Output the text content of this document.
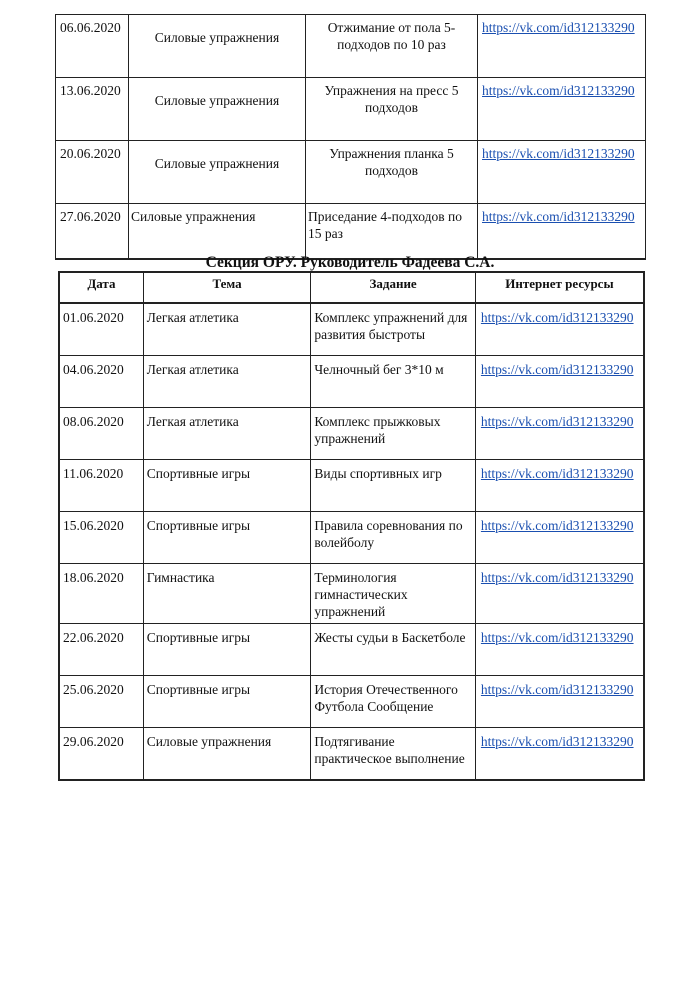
06.06.2020	Силовые упражнения	Отжимание от пола 5-подходов по 10 раз	https://vk.com/id312133290
13.06.2020	Силовые упражнения	Упражнения на пресс 5 подходов	https://vk.com/id312133290
20.06.2020	Силовые упражнения	Упражнения планка 5 подходов	https://vk.com/id312133290
27.06.2020	Силовые упражнения	Приседание 4-подходов по 15 раз	https://vk.com/id312133290
Секция ОРУ. Руководитель Фадеева С.А.
Дата	Тема	Задание	Интернет ресурсы
01.06.2020	Легкая атлетика	Комплекс упражнений для развития быстроты	https://vk.com/id312133290
04.06.2020	Легкая атлетика	Челночный бег 3*10 м	https://vk.com/id312133290
08.06.2020	Легкая атлетика	Комплекс прыжковых упражнений	https://vk.com/id312133290
11.06.2020	Спортивные игры	Виды спортивных игр	https://vk.com/id312133290
15.06.2020	Спортивные игры	Правила соревнования по волейболу	https://vk.com/id312133290
18.06.2020	Гимнастика	Терминология гимнастических упражнений	https://vk.com/id312133290
22.06.2020	Спортивные игры	Жесты судьи в Баскетболе	https://vk.com/id312133290
25.06.2020	Спортивные игры	История Отечественного Футбола Сообщение	https://vk.com/id312133290
29.06.2020	Силовые упражнения	Подтягивание практическое выполнение	https://vk.com/id312133290
